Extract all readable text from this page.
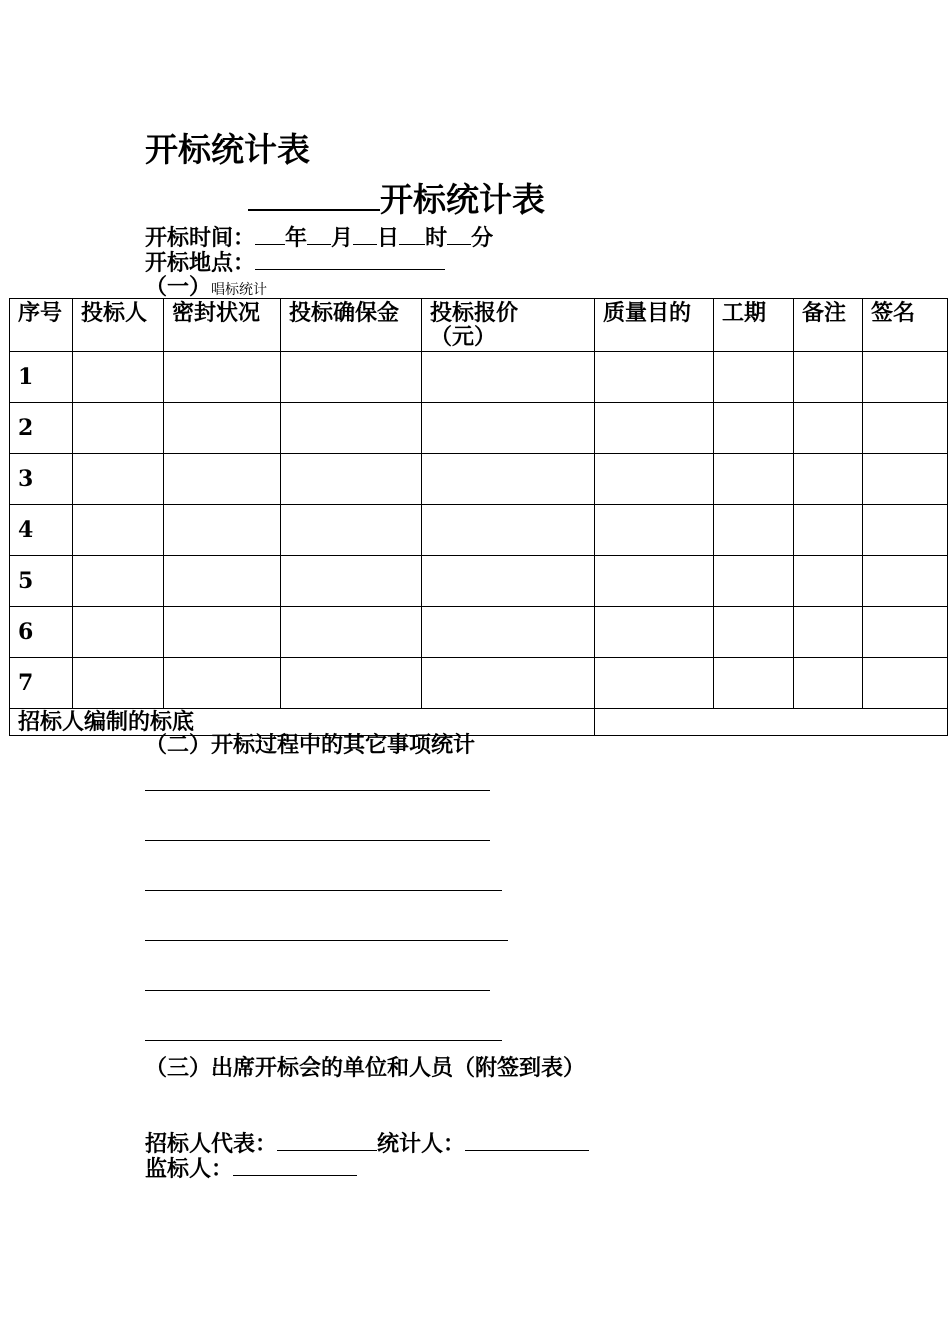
开标统计表
开标统计表
开标时间： 年 月 日 时 分
开标地点：
（一）唱标统计
序号	投标人	密封状况	投标确保金	投标报价（元）	质量目的	工期	备注	签名
1								
2								
3								
4								
5								
6								
7								
招标人编制的标底								
（二）开标过程中的其它事项统计
（三）出席开标会的单位和人员（附签到表）
招标人代表：	统计人：
监标人：
